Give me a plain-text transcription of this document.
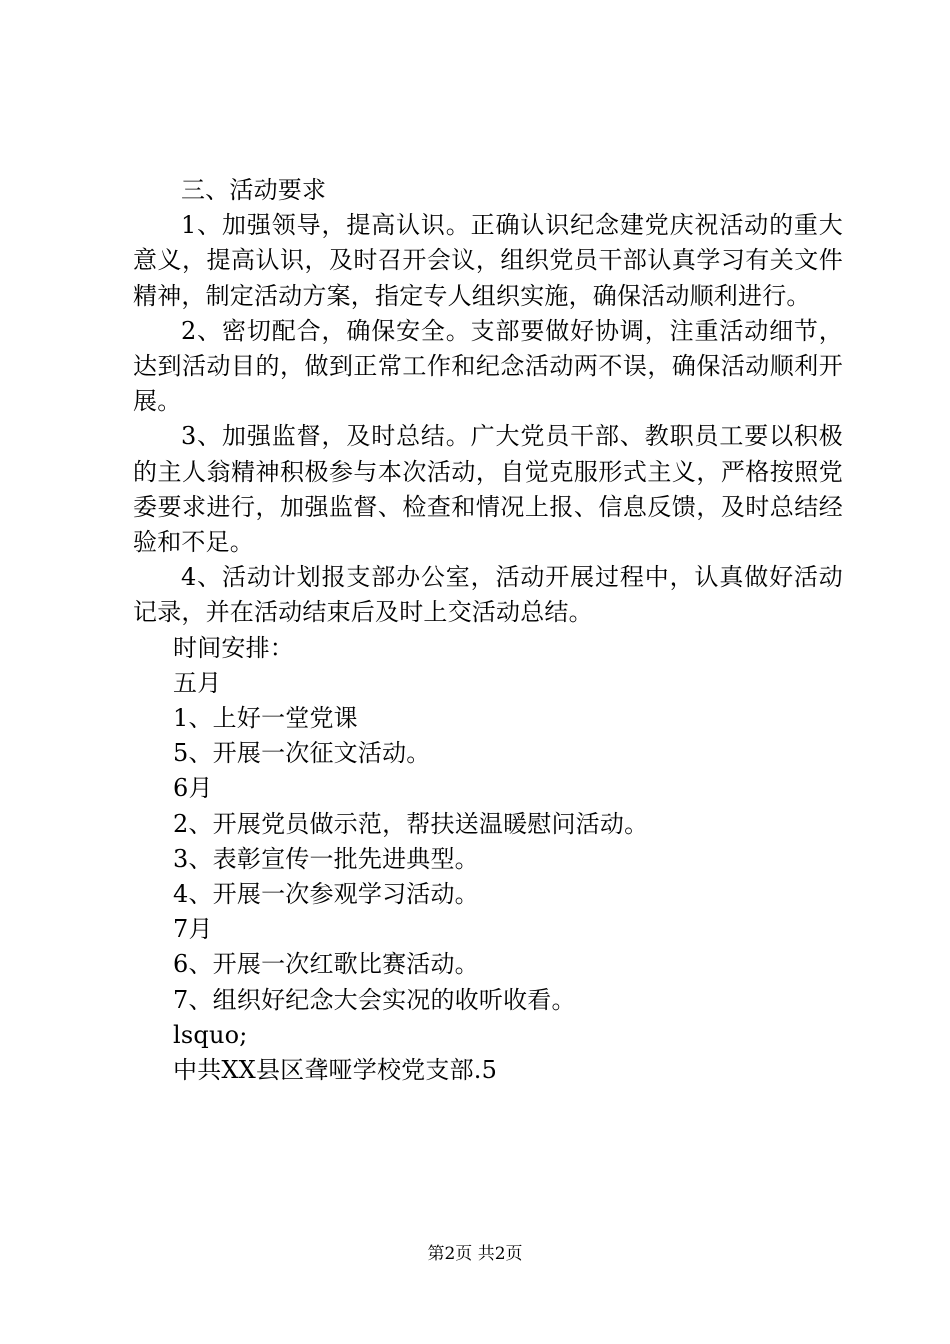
三、活动要求

1、加强领导，提高认识。正确认识纪念建党庆祝活动的重大意义，提高认识，及时召开会议，组织党员干部认真学习有关文件精神，制定活动方案，指定专人组织实施，确保活动顺利进行。

2、密切配合，确保安全。支部要做好协调，注重活动细节，达到活动目的，做到正常工作和纪念活动两不误，确保活动顺利开展。

3、加强监督，及时总结。广大党员干部、教职员工要以积极的主人翁精神积极参与本次活动，自觉克服形式主义，严格按照党委要求进行，加强监督、检查和情况上报、信息反馈，及时总结经验和不足。

4、活动计划报支部办公室，活动开展过程中，认真做好活动记录，并在活动结束后及时上交活动总结。

时间安排：

五月

1、上好一堂党课

5、开展一次征文活动。

6月

2、开展党员做示范，帮扶送温暖慰问活动。

3、表彰宣传一批先进典型。

4、开展一次参观学习活动。

7月

6、开展一次红歌比赛活动。

7、组织好纪念大会实况的收听收看。

lsquo;

中共XX县区聋哑学校党支部.5

第2页 共2页
